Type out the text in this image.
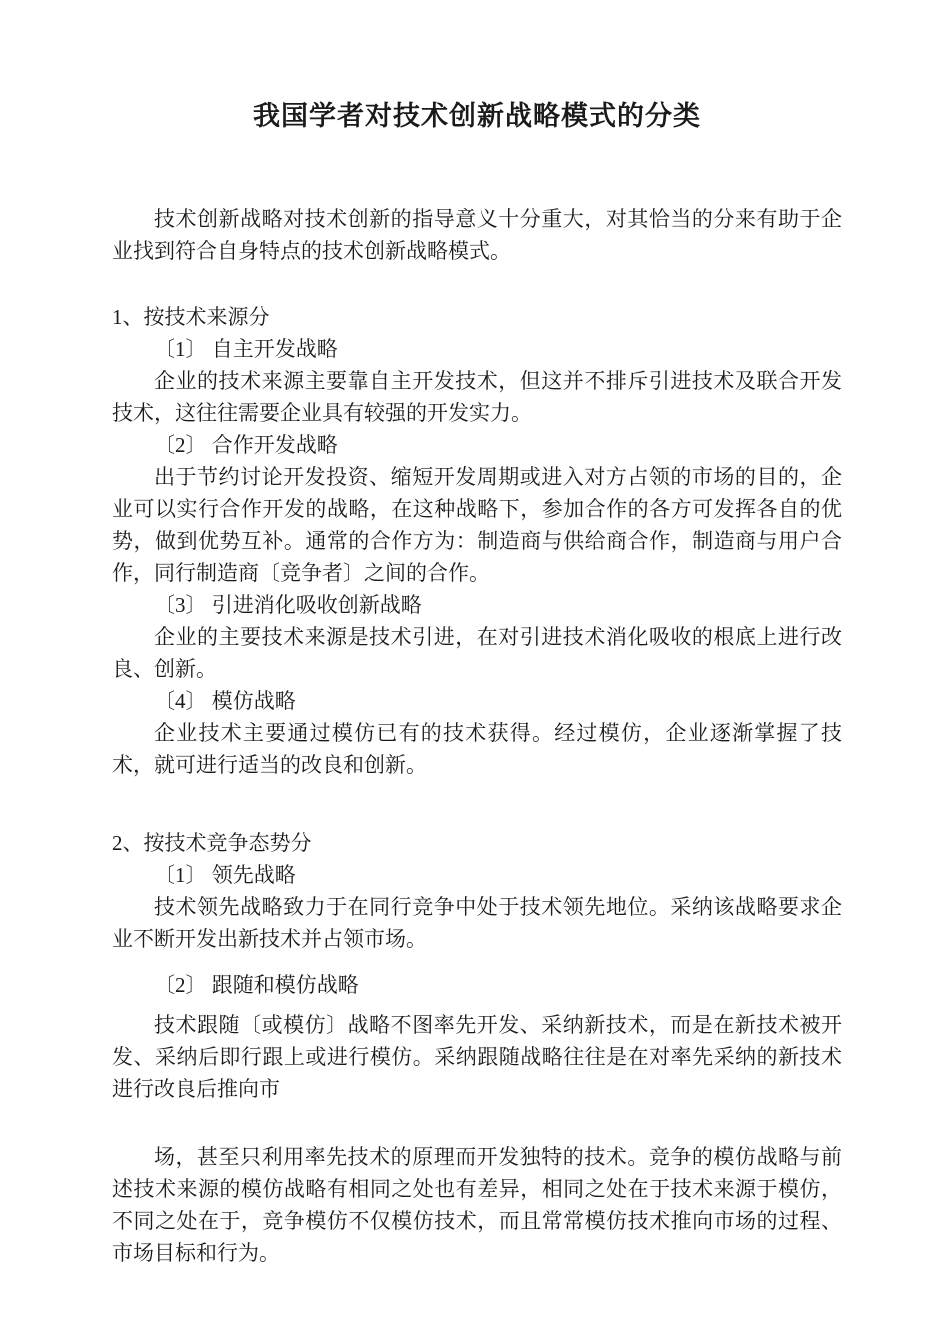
我国学者对技术创新战略模式的分类

技术创新战略对技术创新的指导意义十分重大，对其恰当的分来有助于企业找到符合自身特点的技术创新战略模式。

1、按技术来源分
〔1〕 自主开发战略

企业的技术来源主要靠自主开发技术，但这并不排斥引进技术及联合开发技术，这往往需要企业具有较强的开发实力。

〔2〕 合作开发战略

出于节约讨论开发投资、缩短开发周期或进入对方占领的市场的目的，企业可以实行合作开发的战略，在这种战略下，参加合作的各方可发挥各自的优势，做到优势互补。通常的合作方为：制造商与供给商合作，制造商与用户合作，同行制造商〔竞争者〕之间的合作。

〔3〕 引进消化吸收创新战略

企业的主要技术来源是技术引进，在对引进技术消化吸收的根底上进行改良、创新。

〔4〕 模仿战略

企业技术主要通过模仿已有的技术获得。经过模仿，企业逐渐掌握了技术，就可进行适当的改良和创新。

2、按技术竞争态势分
〔1〕 领先战略

技术领先战略致力于在同行竞争中处于技术领先地位。采纳该战略要求企业不断开发出新技术并占领市场。

〔2〕 跟随和模仿战略

技术跟随〔或模仿〕战略不图率先开发、采纳新技术，而是在新技术被开发、采纳后即行跟上或进行模仿。采纳跟随战略往往是在对率先采纳的新技术进行改良后推向市

场，甚至只利用率先技术的原理而开发独特的技术。竞争的模仿战略与前述技术来源的模仿战略有相同之处也有差异，相同之处在于技术来源于模仿，不同之处在于，竞争模仿不仅模仿技术，而且常常模仿技术推向市场的过程、市场目标和行为。
